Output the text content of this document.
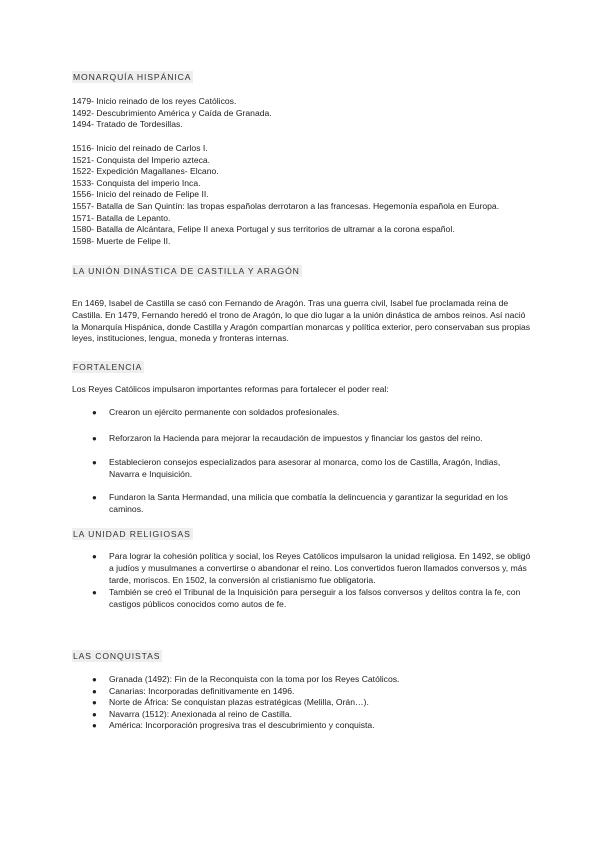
MONARQUÍA HISPÁNICA
1479- Inicio reinado de los reyes Católicos.
1492- Descubrimiento América y Caída de Granada.
1494- Tratado de Tordesillas.
1516- Inicio del reinado de Carlos I.
1521- Conquista del Imperio azteca.
1522- Expedición Magallanes- Elcano.
1533- Conquista del imperio Inca.
1556- Inicio del reinado de Felipe II.
1557- Batalla de San Quintín: las tropas españolas derrotaron a las francesas. Hegemonía española en Europa.
1571- Batalla de Lepanto.
1580- Batalla de Alcántara, Felipe II anexa Portugal y sus territorios de ultramar a la corona español.
1598- Muerte de Felipe II.
LA UNIÓN DINÁSTICA DE CASTILLA Y ARAGÓN
En 1469, Isabel de Castilla se casó con Fernando de Aragón. Tras una guerra civil, Isabel fue proclamada reina de Castilla. En 1479, Fernando heredó el trono de Aragón, lo que dio lugar a la unión dinástica de ambos reinos. Así nació la Monarquía Hispánica, donde Castilla y Aragón compartían monarcas y política exterior, pero conservaban sus propias leyes, instituciones, lengua, moneda y fronteras internas.
FORTALENCIA
Los Reyes Católicos impulsaron importantes reformas para fortalecer el poder real:
● Crearon un ejército permanente con soldados profesionales.
● Reforzaron la Hacienda para mejorar la recaudación de impuestos y financiar los gastos del reino.
● Establecieron consejos especializados para asesorar al monarca, como los de Castilla, Aragón, Indias, Navarra e Inquisición.
● Fundaron la Santa Hermandad, una milicia que combatía la delincuencia y garantizar la seguridad en los caminos.
LA UNIDAD RELIGIOSAS
● Para lograr la cohesión política y social, los Reyes Católicos impulsaron la unidad religiosa. En 1492, se obligó a judíos y musulmanes a convertirse o abandonar el reino. Los convertidos fueron llamados conversos y, más tarde, moriscos. En 1502, la conversión al cristianismo fue obligatoria.
● También se creó el Tribunal de la Inquisición para perseguir a los falsos conversos y delitos contra la fe, con castigos públicos conocidos como autos de fe.
LAS CONQUISTAS
● Granada (1492): Fin de la Reconquista con la toma por los Reyes Católicos.
● Canarias: Incorporadas definitivamente en 1496.
● Norte de África: Se conquistan plazas estratégicas (Melilla, Orán…).
● Navarra (1512): Anexionada al reino de Castilla.
● América: Incorporación progresiva tras el descubrimiento y conquista.
